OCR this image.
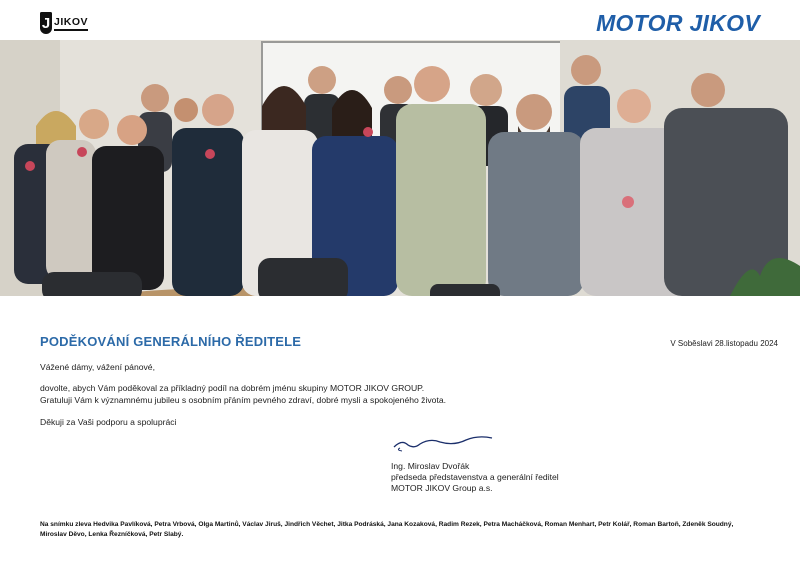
J JIKOV	MOTOR JIKOV
PODĚKOVÁNÍ GENERÁLNÍHO ŘEDITELE	V Soběslavi 28.listopadu 2024
Vážené dámy, vážení pánové,
dovolte, abych Vám poděkoval za příkladný podíl na dobrém jménu skupiny MOTOR JIKOV GROUP.
Gratuluji Vám k významnému jubileu s osobním přáním pevného zdraví, dobré mysli a spokojeného života.
Děkuji za Vaši podporu a spolupráci
Ing. Miroslav Dvořák
předseda představenstva a generální ředitel
MOTOR JIKOV Group a.s.
Na snímku zleva Hedvika Pavlíková, Petra Vrbová, Olga Martinů, Václav Jiruš, Jindřich Věchet, Jitka Podráská, Jana Kozaková, Radim Rezek, Petra Macháčková, Roman Menhart, Petr Kolář, Roman Bartoň, Zdeněk Soudný, Miroslav Děvo, Lenka Řezníčková, Petr Slabý.
